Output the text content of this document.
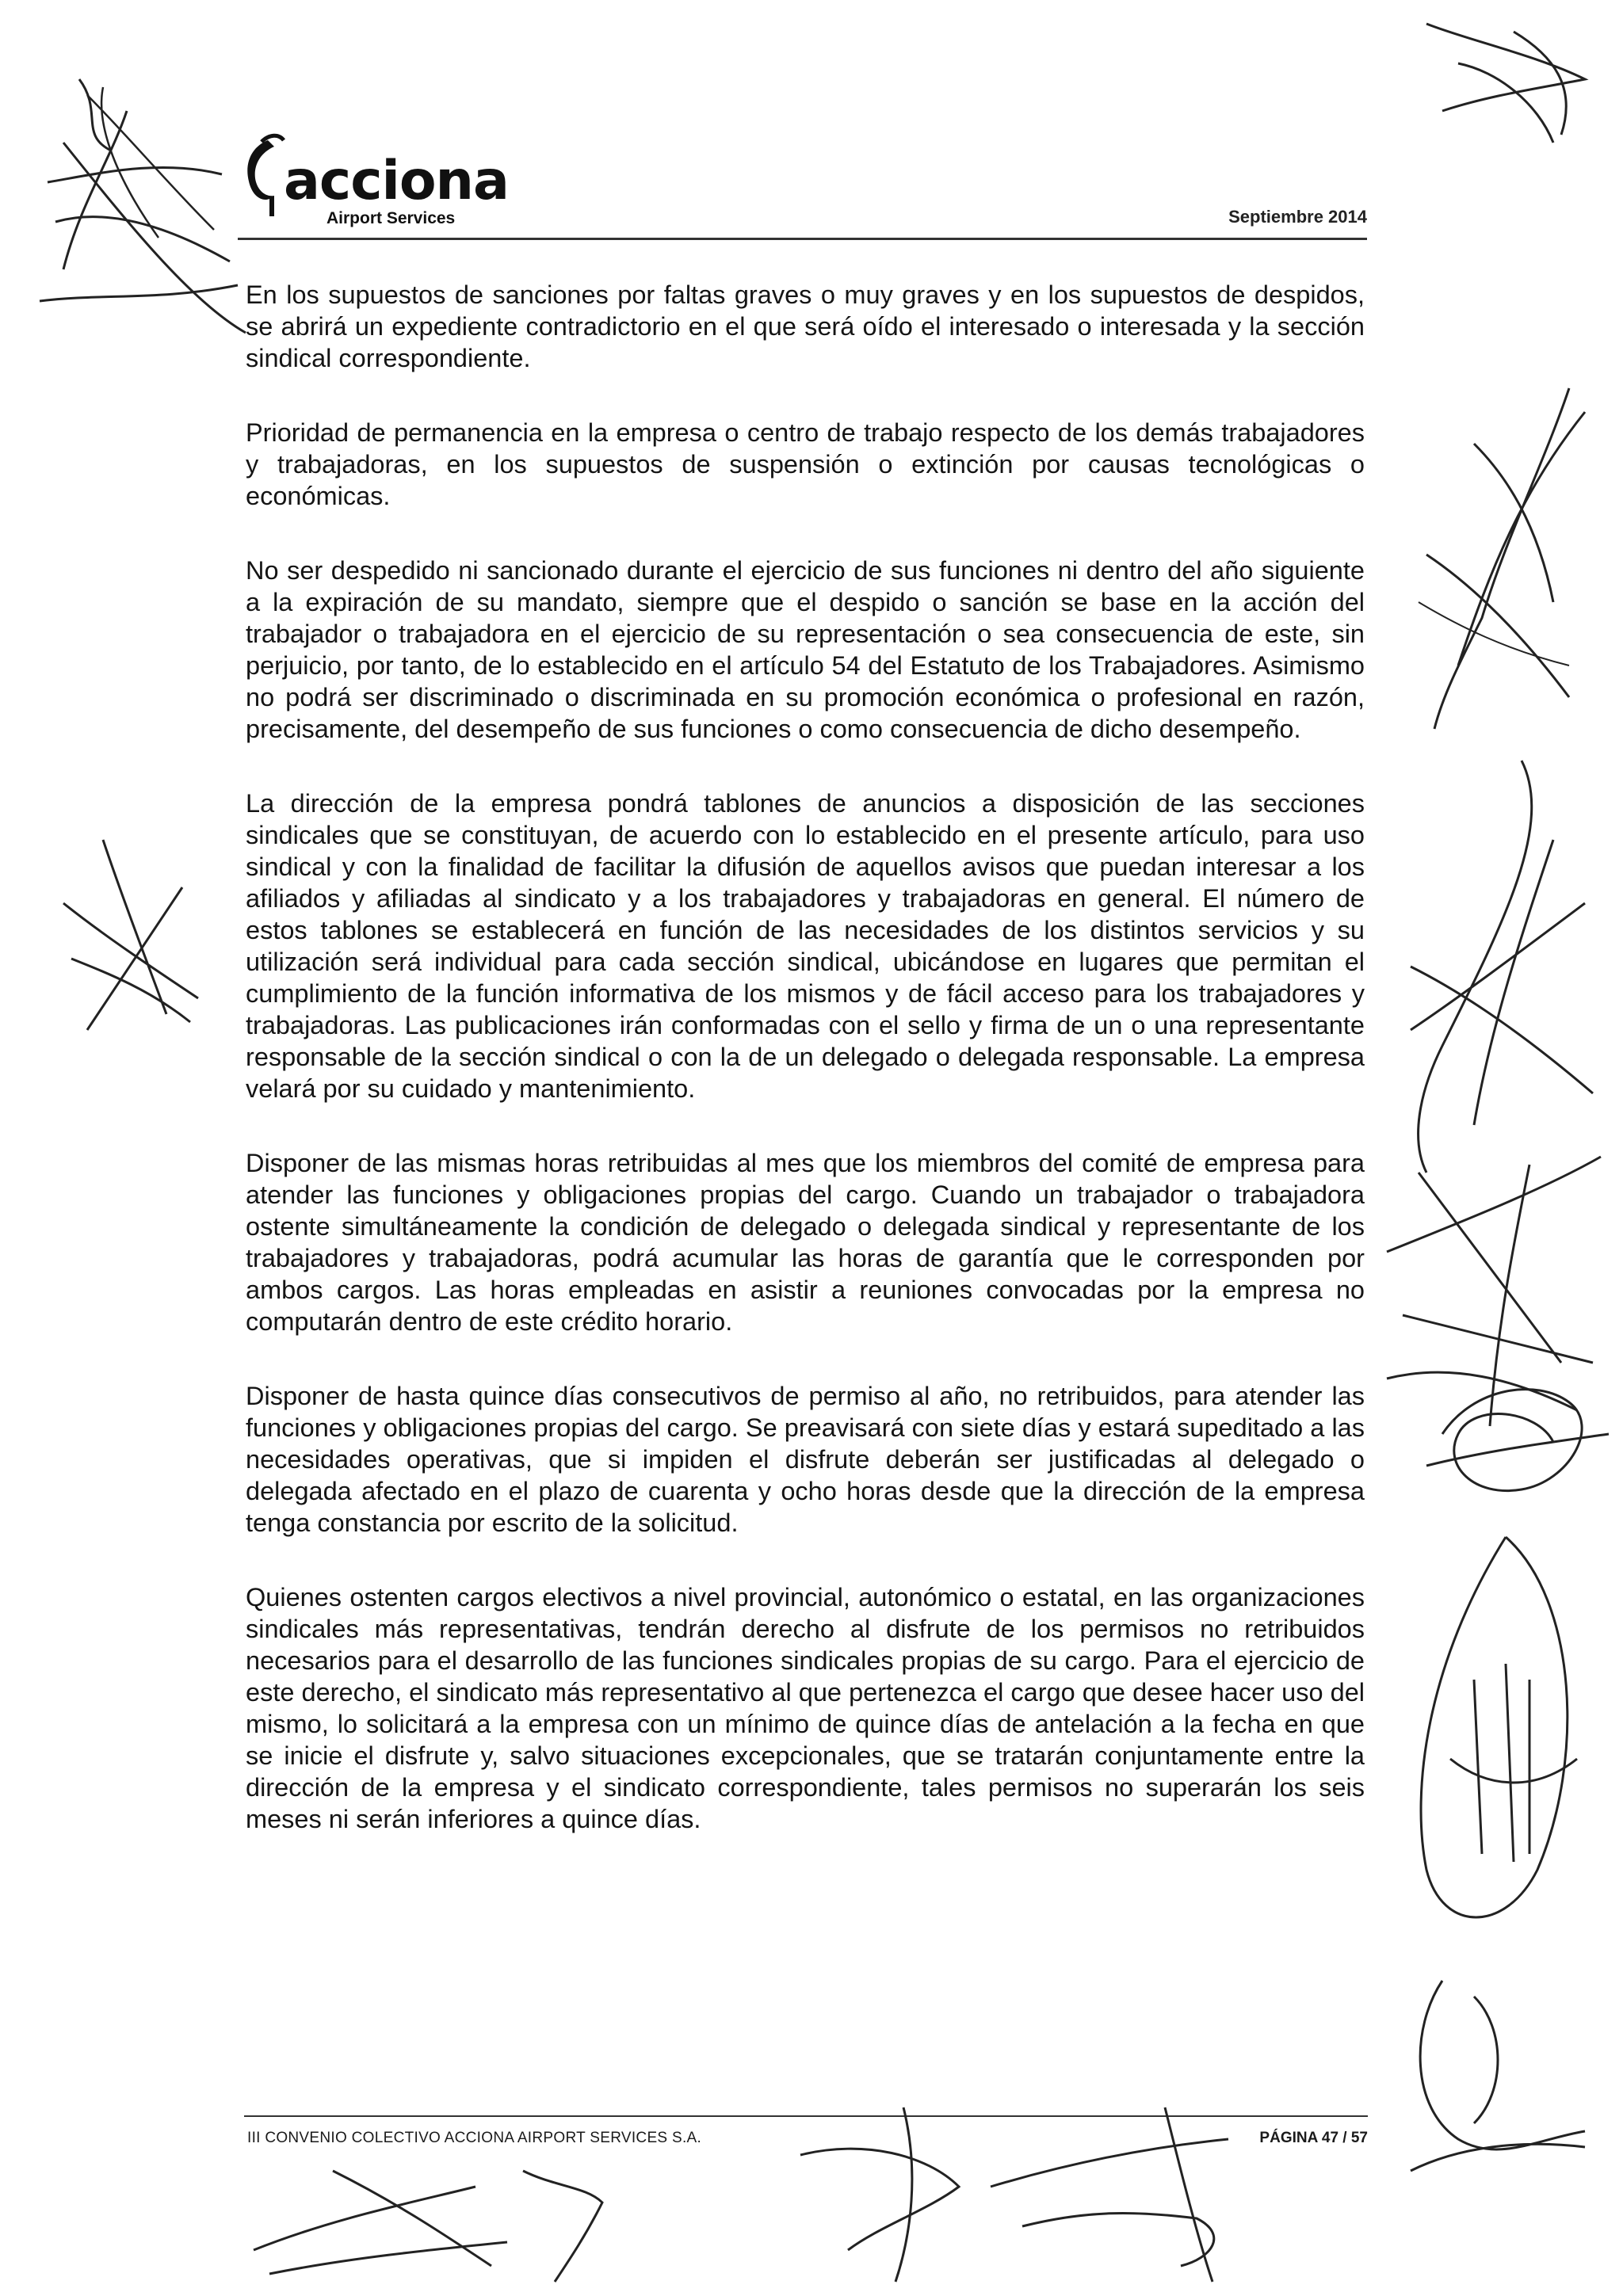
acciona
Airport Services	Septiembre 2014

En los supuestos de sanciones por faltas graves o muy graves y en los supuestos de despidos, se abrirá un expediente contradictorio en el que será oído el interesado o interesada y la sección sindical correspondiente.

Prioridad de permanencia en la empresa o centro de trabajo respecto de los demás trabajadores y trabajadoras, en los supuestos de suspensión o extinción por causas tecnológicas o económicas.

No ser despedido ni sancionado durante el ejercicio de sus funciones ni dentro del año siguiente a la expiración de su mandato, siempre que el despido o sanción se base en la acción del trabajador o trabajadora en el ejercicio de su representación o sea consecuencia de este, sin perjuicio, por tanto, de lo establecido en el artículo 54 del Estatuto de los Trabajadores. Asimismo no podrá ser discriminado o discriminada en su promoción económica o profesional en razón, precisamente, del desempeño de sus funciones o como consecuencia de dicho desempeño.

La dirección de la empresa pondrá tablones de anuncios a disposición de las secciones sindicales que se constituyan, de acuerdo con lo establecido en el presente artículo, para uso sindical y con la finalidad de facilitar la difusión de aquellos avisos que puedan interesar a los afiliados y afiliadas al sindicato y a los trabajadores y trabajadoras en general. El número de estos tablones se establecerá en función de las necesidades de los distintos servicios y su utilización será individual para cada sección sindical, ubicándose en lugares que permitan el cumplimiento de la función informativa de los mismos y de fácil acceso para los trabajadores y trabajadoras. Las publicaciones irán conformadas con el sello y firma de un o una representante responsable de la sección sindical o con la de un delegado o delegada responsable. La empresa velará por su cuidado y mantenimiento.

Disponer de las mismas horas retribuidas al mes que los miembros del comité de empresa para atender las funciones y obligaciones propias del cargo. Cuando un trabajador o trabajadora ostente simultáneamente la condición de delegado o delegada sindical y representante de los trabajadores y trabajadoras, podrá acumular las horas de garantía que le corresponden por ambos cargos. Las horas empleadas en asistir a reuniones convocadas por la empresa no computarán dentro de este crédito horario.

Disponer de hasta quince días consecutivos de permiso al año, no retribuidos, para atender las funciones y obligaciones propias del cargo. Se preavisará con siete días y estará supeditado a las necesidades operativas, que si impiden el disfrute deberán ser justificadas al delegado o delegada afectado en el plazo de cuarenta y ocho horas desde que la dirección de la empresa tenga constancia por escrito de la solicitud.

Quienes ostenten cargos electivos a nivel provincial, autonómico o estatal, en las organizaciones sindicales más representativas, tendrán derecho al disfrute de los permisos no retribuidos necesarios para el desarrollo de las funciones sindicales propias de su cargo. Para el ejercicio de este derecho, el sindicato más representativo al que pertenezca el cargo que desee hacer uso del mismo, lo solicitará a la empresa con un mínimo de quince días de antelación a la fecha en que se inicie el disfrute y, salvo situaciones excepcionales, que se tratarán conjuntamente entre la dirección de la empresa y el sindicato correspondiente, tales permisos no superarán los seis meses ni serán inferiores a quince días.

III CONVENIO COLECTIVO ACCIONA AIRPORT SERVICES S.A.	PÁGINA 47 / 57
